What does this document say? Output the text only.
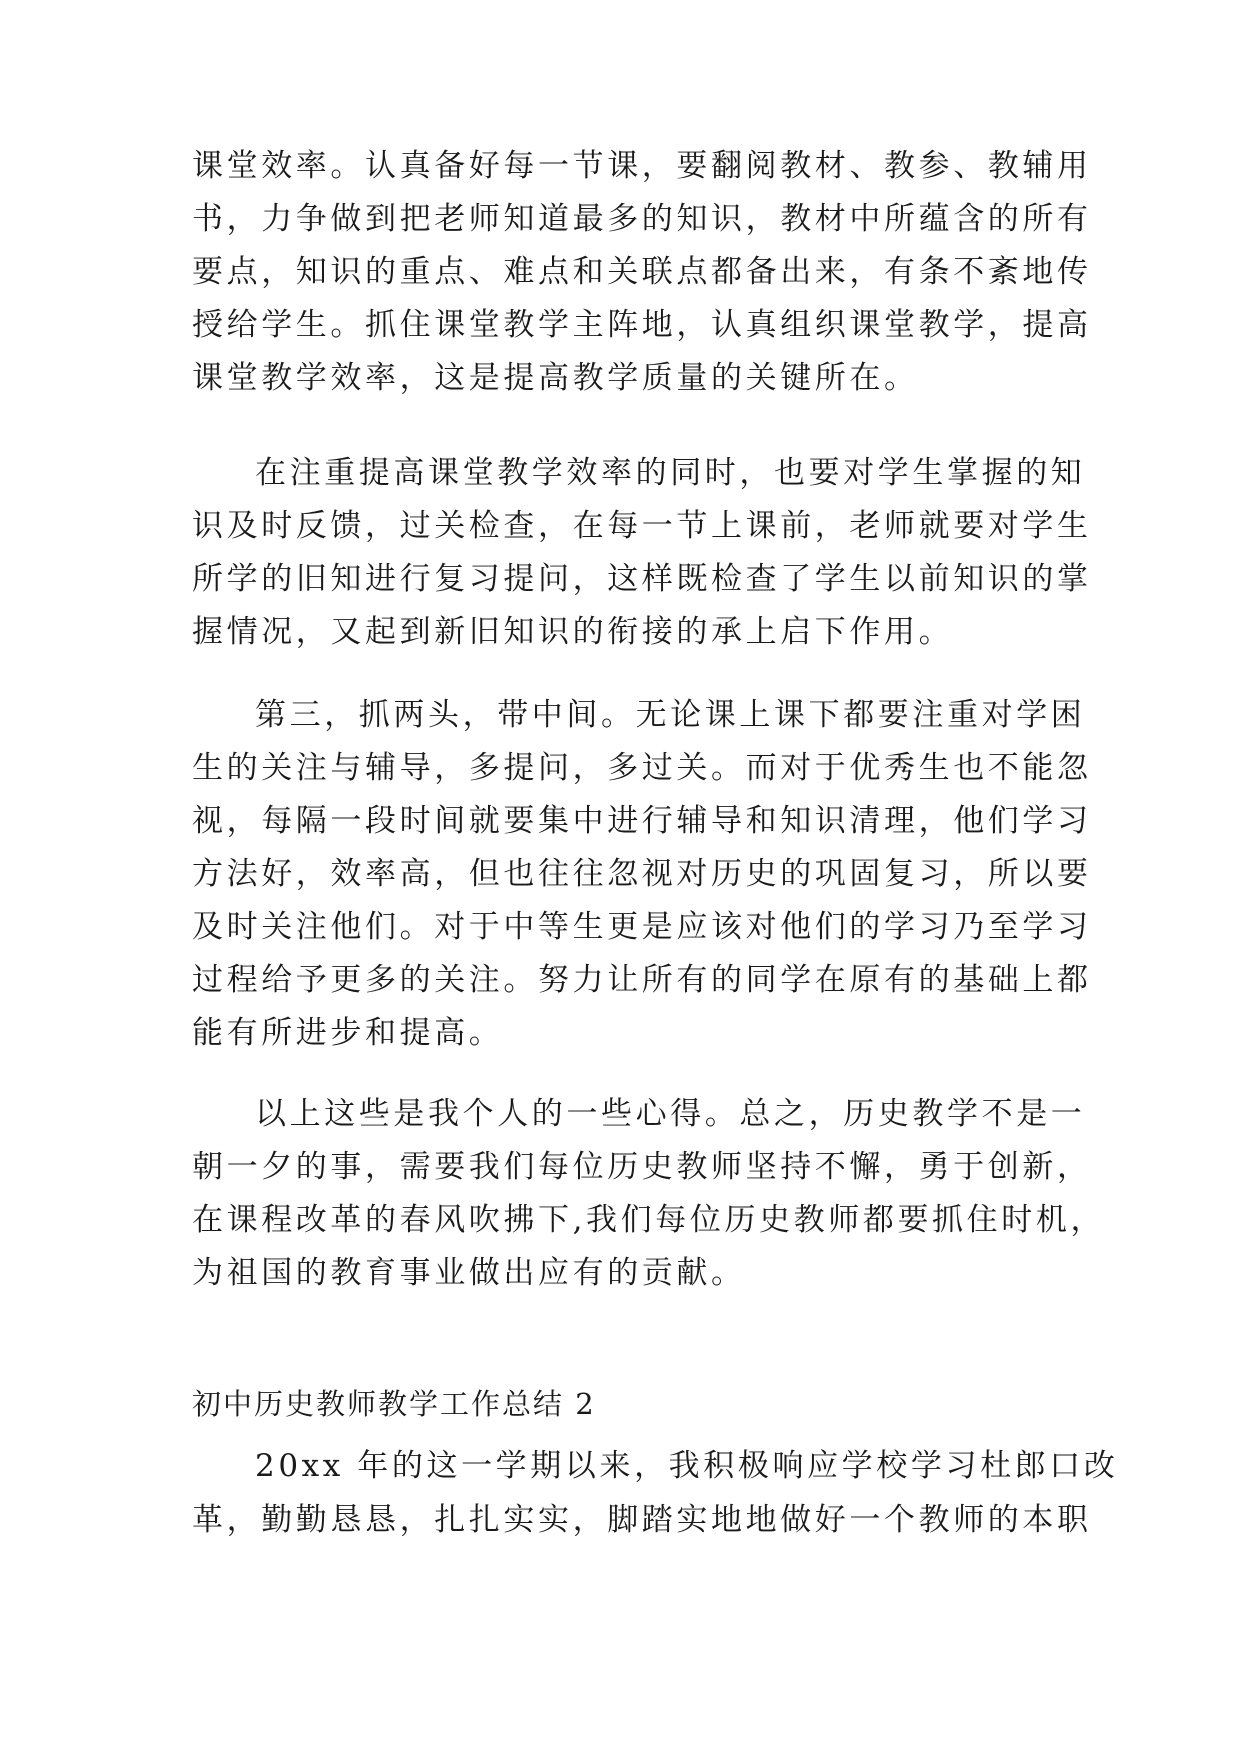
课堂效率。认真备好每一节课，要翻阅教材、教参、教辅用
书，力争做到把老师知道最多的知识，教材中所蕴含的所有
要点，知识的重点、难点和关联点都备出来，有条不紊地传
授给学生。抓住课堂教学主阵地，认真组织课堂教学，提高
课堂教学效率，这是提高教学质量的关键所在。
在注重提高课堂教学效率的同时，也要对学生掌握的知
识及时反馈，过关检查，在每一节上课前，老师就要对学生
所学的旧知进行复习提问，这样既检查了学生以前知识的掌
握情况，又起到新旧知识的衔接的承上启下作用。
第三，抓两头，带中间。无论课上课下都要注重对学困
生的关注与辅导，多提问，多过关。而对于优秀生也不能忽
视，每隔一段时间就要集中进行辅导和知识清理，他们学习
方法好，效率高，但也往往忽视对历史的巩固复习，所以要
及时关注他们。对于中等生更是应该对他们的学习乃至学习
过程给予更多的关注。努力让所有的同学在原有的基础上都
能有所进步和提高。
以上这些是我个人的一些心得。总之，历史教学不是一
朝一夕的事，需要我们每位历史教师坚持不懈，勇于创新，
在课程改革的春风吹拂下,我们每位历史教师都要抓住时机，
为祖国的教育事业做出应有的贡献。
初中历史教师教学工作总结 2
20xx 年的这一学期以来，我积极响应学校学习杜郎口改
革，勤勤恳恳，扎扎实实，脚踏实地地做好一个教师的本职
